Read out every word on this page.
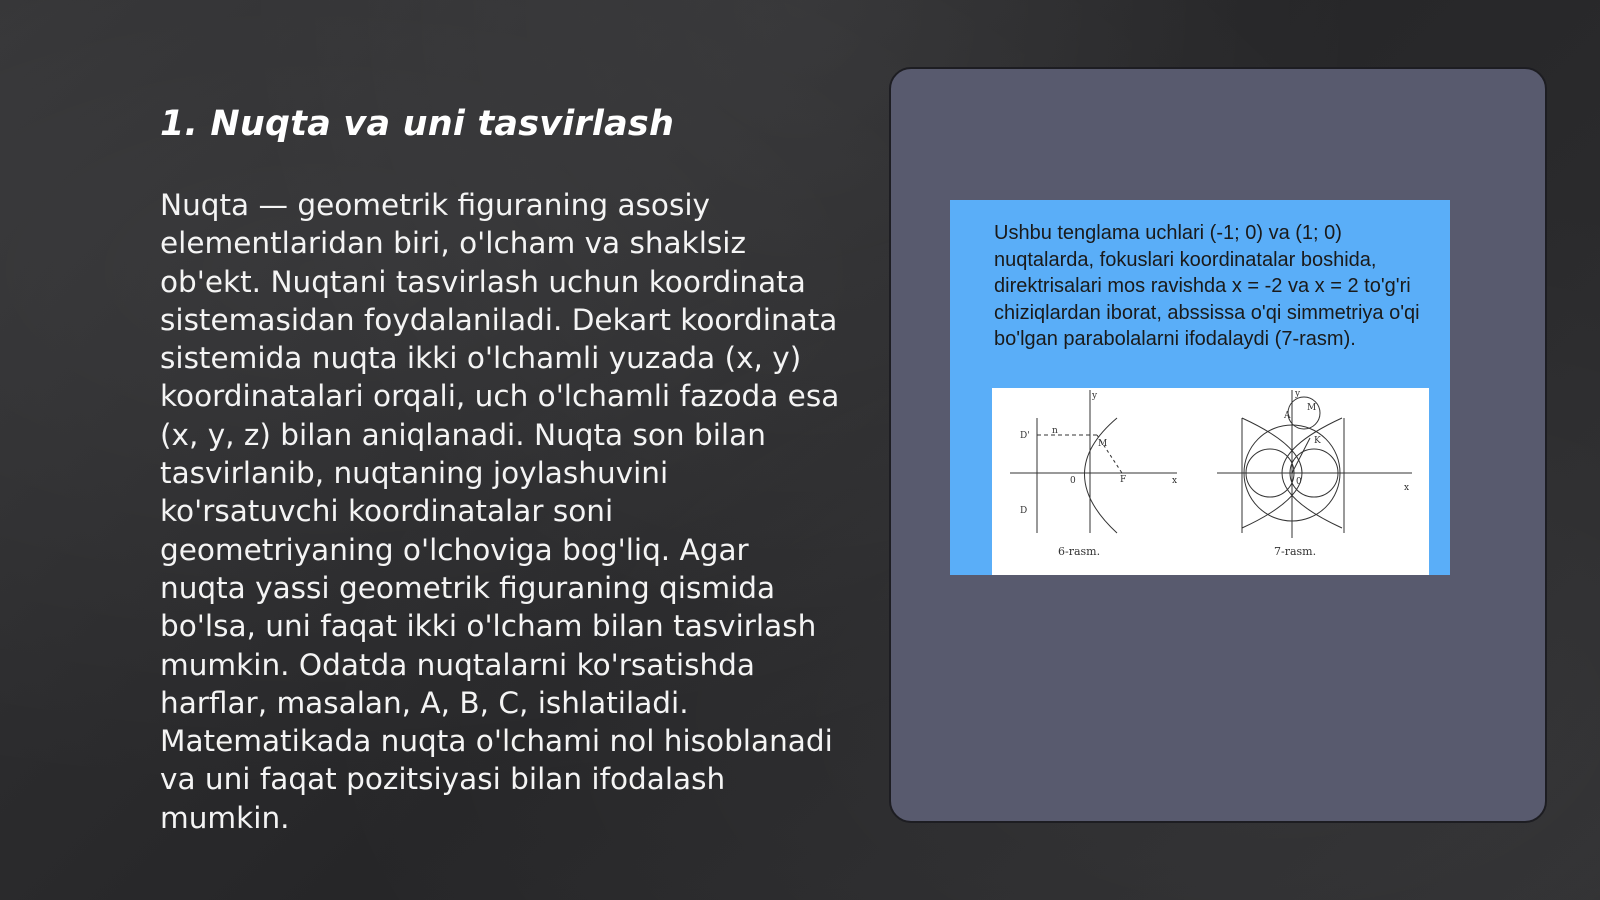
1. Nuqta va uni tasvirlash

Nuqta — geometrik figuraning asosiy elementlaridan biri, o'lcham va shaklsiz ob'ekt. Nuqtani tasvirlash uchun koordinata sistemasidan foydalaniladi. Dekart koordinata sistemida nuqta ikki o'lchamli yuzada (x, y) koordinatalari orqali, uch o'lchamli fazoda esa (x, y, z) bilan aniqlanadi. Nuqta son bilan tasvirlanib, nuqtaning joylashuvini ko'rsatuvchi koordinatalar soni geometriyaning o'lchoviga bog'liq. Agar nuqta yassi geometrik figuraning qismida bo'lsa, uni faqat ikki o'lcham bilan tasvirlash mumkin. Odatda nuqtalarni ko'rsatishda harflar, masalan, A, B, C, ishlatiladi. Matematikada nuqta o'lchami nol hisoblanadi va uni faqat pozitsiyasi bilan ifodalash mumkin.

Ushbu tenglama uchlari (-1; 0) va (1; 0) nuqtalarda, fokuslari koordinatalar boshida, direktrisalari mos ravishda x = -2 va x = 2 to'g'ri chiziqlardan iborat, abssissa o'qi simmetriya o'qi bo'lgan parabolalarni ifodalaydi (7-rasm).

y
x
0
D'
D
n
F
M
6-rasm.
y
x
0
A
M
K
7-rasm.
